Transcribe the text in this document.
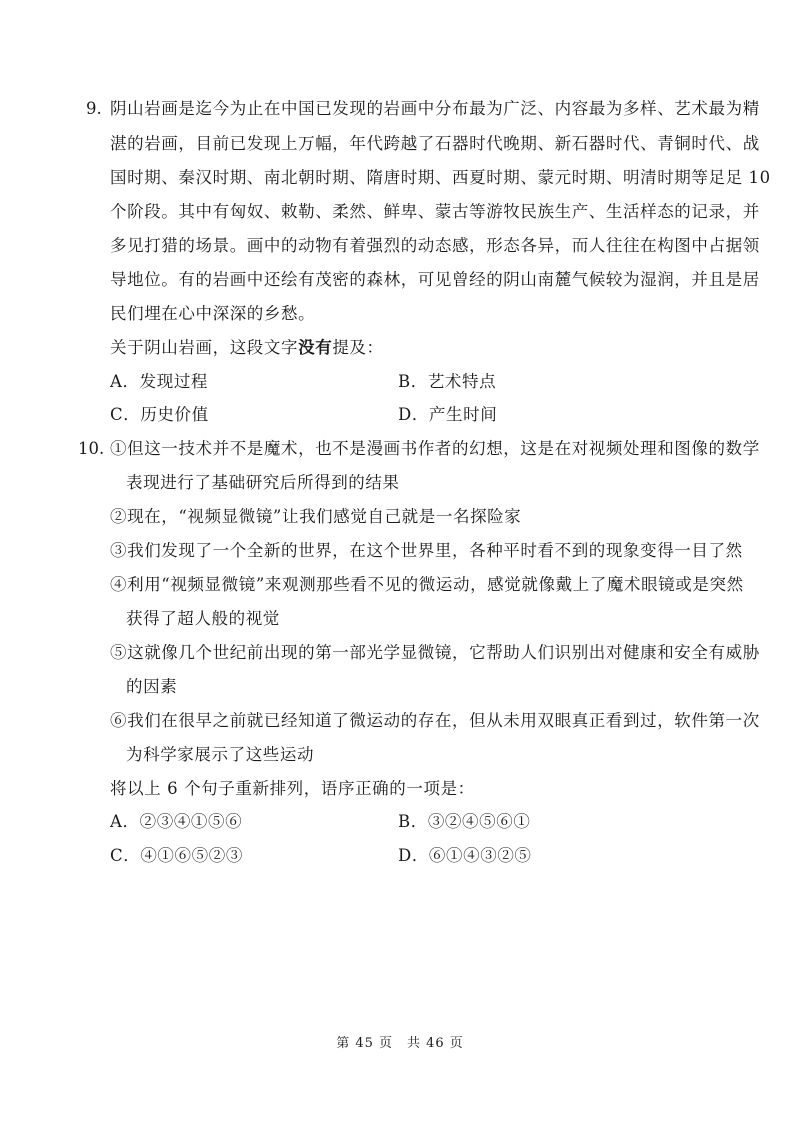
9. 阴山岩画是迄今为止在中国已发现的岩画中分布最为广泛、内容最为多样、艺术最为精
湛的岩画，目前已发现上万幅，年代跨越了石器时代晚期、新石器时代、青铜时代、战
国时期、秦汉时期、南北朝时期、隋唐时期、西夏时期、蒙元时期、明清时期等足足 10
个阶段。其中有匈奴、敕勒、柔然、鲜卑、蒙古等游牧民族生产、生活样态的记录，并
多见打猎的场景。画中的动物有着强烈的动态感，形态各异，而人往往在构图中占据领
导地位。有的岩画中还绘有茂密的森林，可见曾经的阴山南麓气候较为湿润，并且是居
民们埋在心中深深的乡愁。
关于阴山岩画，这段文字没有提及：
A．发现过程	B．艺术特点
C．历史价值	D．产生时间
10. ①但这一技术并不是魔术，也不是漫画书作者的幻想，这是在对视频处理和图像的数学
表现进行了基础研究后所得到的结果
②现在，“视频显微镜”让我们感觉自己就是一名探险家
③我们发现了一个全新的世界，在这个世界里，各种平时看不到的现象变得一目了然
④利用“视频显微镜”来观测那些看不见的微运动，感觉就像戴上了魔术眼镜或是突然
获得了超人般的视觉
⑤这就像几个世纪前出现的第一部光学显微镜，它帮助人们识别出对健康和安全有威胁
的因素
⑥我们在很早之前就已经知道了微运动的存在，但从未用双眼真正看到过，软件第一次
为科学家展示了这些运动
将以上 6 个句子重新排列，语序正确的一项是：
A．②③④①⑤⑥	B．③②④⑤⑥①
C．④①⑥⑤②③	D．⑥①④③②⑤
第 45 页　共 46 页
